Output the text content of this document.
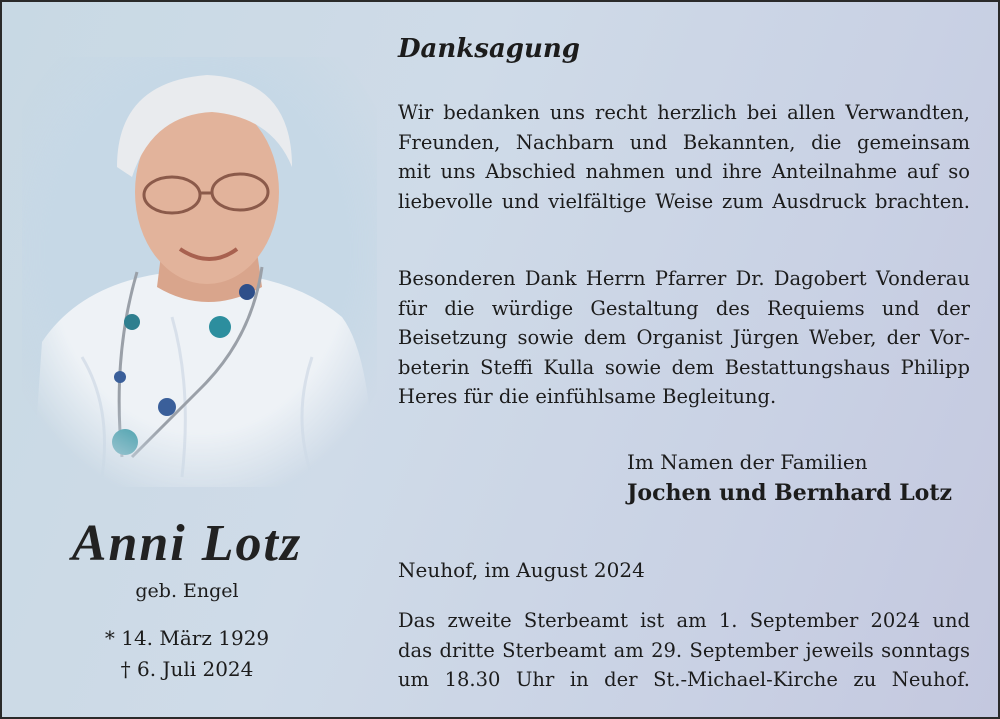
Anni Lotz
geb. Engel
* 14. März 1929
† 6. Juli 2024
Danksagung
Wir bedanken uns recht herzlich bei allen Verwandten,
Freunden, Nachbarn und Bekannten, die gemeinsam
mit uns Abschied nahmen und ihre Anteilnahme auf so
liebevolle und vielfältige Weise zum Ausdruck brachten.
Besonderen Dank Herrn Pfarrer Dr. Dagobert Vonderau
für die würdige Gestaltung des Requiems und der
Beisetzung sowie dem Organist Jürgen Weber, der Vor-
beterin Steffi Kulla sowie dem Bestattungshaus Philipp
Heres für die einfühlsame Begleitung.
Im Namen der Familien
Jochen und Bernhard Lotz
Neuhof, im August 2024
Das zweite Sterbeamt ist am 1. September 2024 und
das dritte Sterbeamt am 29. September jeweils sonntags
um 18.30 Uhr in der St.-Michael-Kirche zu Neuhof.
